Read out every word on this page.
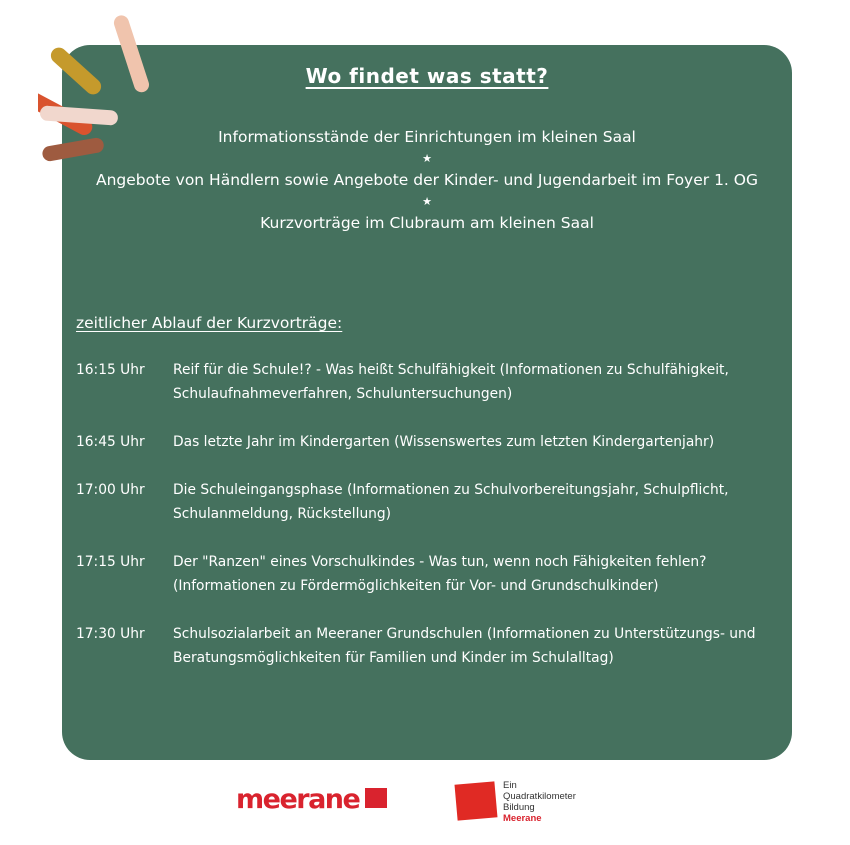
Wo findet was statt?
Informationsstände der Einrichtungen im kleinen Saal
★
Angebote von Händlern sowie Angebote der Kinder- und Jugendarbeit im Foyer 1. OG
★
Kurzvorträge im Clubraum am kleinen Saal
zeitlicher Ablauf der Kurzvorträge:
16:15 Uhr	Reif für die Schule!? - Was heißt Schulfähigkeit (Informationen zu Schulfähigkeit, Schulaufnahmeverfahren, Schuluntersuchungen)
16:45 Uhr	Das letzte Jahr im Kindergarten (Wissenswertes zum letzten Kindergartenjahr)
17:00 Uhr	Die Schuleingangsphase (Informationen zu Schulvorbereitungsjahr, Schulpflicht, Schulanmeldung, Rückstellung)
17:15 Uhr	Der "Ranzen" eines Vorschulkindes - Was tun, wenn noch Fähigkeiten fehlen? (Informationen zu Fördermöglichkeiten für Vor- und Grundschulkinder)
17:30 Uhr	Schulsozialarbeit an Meeraner Grundschulen (Informationen zu Unterstützungs- und Beratungsmöglichkeiten für Familien und Kinder im Schulalltag)
meerane	Ein
Quadratkilometer
Bildung
Meerane
